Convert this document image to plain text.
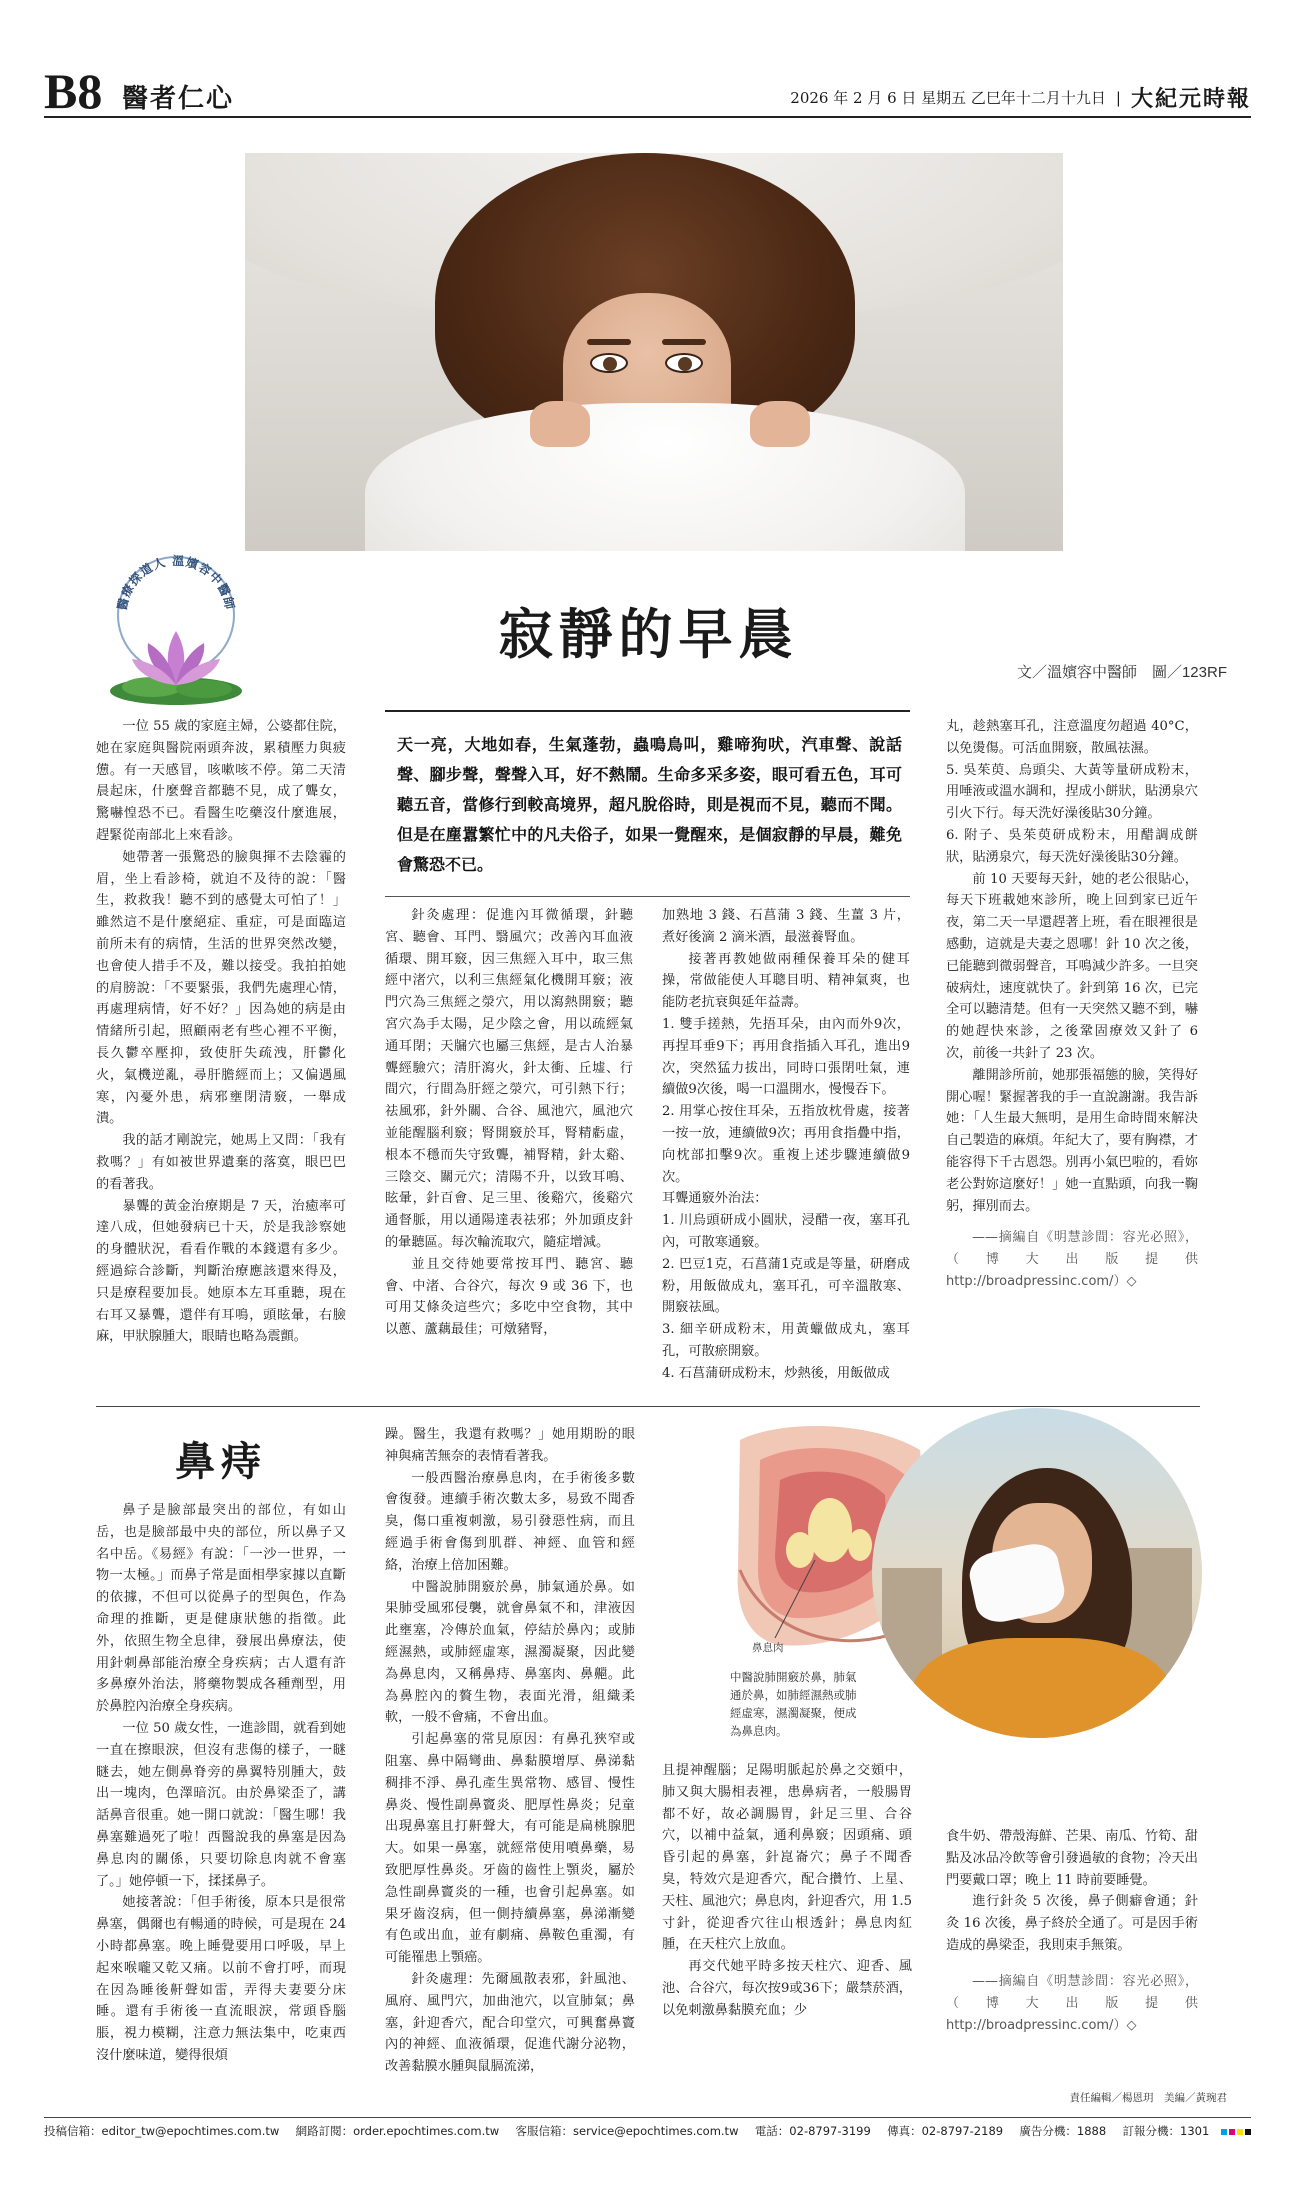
B8 醫者仁心	2026 年 2 月 6 日 星期五 乙巳年十二月十九日 | 大紀元時報
醫療探道人 溫嬪容中醫師	寂靜的早晨
文／溫嬪容中醫師　圖／123RF

一位 55 歲的家庭主婦，公婆都住院，她在家庭與醫院兩頭奔波，累積壓力與疲憊。有一天感冒，咳嗽咳不停。第二天清晨起床，什麼聲音都聽不見，成了聾女，驚嚇惶恐不已。看醫生吃藥沒什麼進展，趕緊從南部北上來看診。

她帶著一張驚恐的臉與揮不去陰霾的眉，坐上看診椅，就迫不及待的說：「醫生，救救我！聽不到的感覺太可怕了！」雖然這不是什麼絕症、重症，可是面臨這前所未有的病情，生活的世界突然改變，也會使人措手不及，難以接受。我拍拍她的肩膀說：「不要緊張，我們先處理心情，再處理病情，好不好？」因為她的病是由情緒所引起，照顧兩老有些心裡不平衡，長久鬱卒壓抑，致使肝失疏洩，肝鬱化火，氣機逆亂，尋肝膽經而上；又偏遇風寒，內憂外患，病邪壅閉清竅，一舉成潰。

我的話才剛說完，她馬上又問：「我有救嗎？」有如被世界遺棄的落寞，眼巴巴的看著我。

暴聾的黃金治療期是 7 天，治癒率可達八成，但她發病已十天，於是我診察她的身體狀況，看看作戰的本錢還有多少。經過綜合診斷，判斷治療應該還來得及，只是療程要加長。她原本左耳重聽，現在右耳又暴聾，還伴有耳鳴，頭眩暈，右臉麻，甲狀腺腫大，眼睛也略為震顫。

天一亮，大地如春，生氣蓬勃，蟲鳴鳥叫，雞啼狗吠，汽車聲、說話聲、腳步聲，聲聲入耳，好不熱鬧。生命多采多姿，眼可看五色，耳可聽五音，當修行到較高境界，超凡脫俗時，則是視而不見，聽而不聞。但是在塵囂繁忙中的凡夫俗子，如果一覺醒來，是個寂靜的早晨，難免會驚恐不已。

針灸處理：促進內耳微循環，針聽宮、聽會、耳門、翳風穴；改善內耳血液循環、開耳竅，因三焦經入耳中，取三焦經中渚穴，以利三焦經氣化機開耳竅；液門穴為三焦經之滎穴，用以瀉熱開竅；聽宮穴為手太陽，足少陰之會，用以疏經氣通耳閉；天牖穴也屬三焦經，是古人治暴聾經驗穴；清肝瀉火，針太衝、丘墟、行間穴，行間為肝經之滎穴，可引熱下行；祛風邪，針外關、合谷、風池穴，風池穴並能醒腦利竅；腎開竅於耳，腎精虧虛，根本不穩而失守致聾，補腎精，針太谿、三陰交、關元穴；清陽不升，以致耳鳴、眩暈，針百會、足三里、後谿穴，後谿穴通督脈，用以通陽達表祛邪；外加頭皮針的暈聽區。每次輪流取穴，隨症增減。

並且交待她要常按耳門、聽宮、聽會、中渚、合谷穴，每次 9 或 36 下，也可用艾條灸這些穴；多吃中空食物，其中以蔥、蘆藕最佳；可燉豬腎，

加熟地 3 錢、石菖蒲 3 錢、生薑 3 片，煮好後滴 2 滴米酒，最滋養腎血。

接著再教她做兩種保養耳朵的健耳操，常做能使人耳聰目明、精神氣爽，也能防老抗衰與延年益壽。

1. 雙手搓熱，先捂耳朵，由內而外9次，再捏耳垂9下；再用食指插入耳孔，進出9次，突然猛力拔出，同時口張閉吐氣，連續做9次後，喝一口溫開水，慢慢吞下。

2. 用掌心按住耳朵，五指放枕骨處，接著一按一放，連續做9次；再用食指疊中指，向枕部扣擊9次。重複上述步驟連續做9次。

耳聾通竅外治法：

1. 川烏頭研成小圓狀，浸醋一夜，塞耳孔內，可散寒通竅。

2. 巴豆1克，石菖蒲1克或是等量，研磨成粉，用飯做成丸，塞耳孔，可辛溫散寒、開竅祛風。

3. 細辛研成粉末，用黃蠟做成丸，塞耳孔，可散瘀開竅。

4. 石菖蒲研成粉末，炒熱後，用飯做成

丸，趁熱塞耳孔，注意溫度勿超過 40°C，以免燙傷。可活血開竅，散風祛濕。

5. 吳茱萸、烏頭尖、大黃等量研成粉末，用唾液或溫水調和，捏成小餅狀，貼湧泉穴引火下行。每天洗好澡後貼30分鐘。

6. 附子、吳茱萸研成粉末，用醋調成餅狀，貼湧泉穴，每天洗好澡後貼30分鐘。

前 10 天要每天針，她的老公很貼心，每天下班載她來診所，晚上回到家已近午夜，第二天一早還趕著上班，看在眼裡很是感動，這就是夫妻之恩哪！針 10 次之後，已能聽到微弱聲音，耳鳴減少許多。一旦突破病灶，速度就快了。針到第 16 次，已完全可以聽清楚。但有一天突然又聽不到，嚇的她趕快來診，之後鞏固療效又針了 6 次，前後一共針了 23 次。

離開診所前，她那張福態的臉，笑得好開心喔！緊握著我的手一直說謝謝。我告訴她：「人生最大無明，是用生命時間來解決自己製造的麻煩。年紀大了，要有胸襟，才能容得下千古恩怨。別再小氣巴啦的，看妳老公對妳這麼好！」她一直點頭，向我一鞠躬，揮別而去。

——摘編自《明慧診間：容光必照》，（博大出版提供http://broadpressinc.com/）◇

鼻痔

鼻子是臉部最突出的部位，有如山岳，也是臉部最中央的部位，所以鼻子又名中岳。《易經》有說：「一沙一世界，一物一太極。」而鼻子常是面相學家據以直斷的依據，不但可以從鼻子的型與色，作為命理的推斷，更是健康狀態的指徵。此外，依照生物全息律，發展出鼻療法，使用針刺鼻部能治療全身疾病；古人還有許多鼻療外治法，將藥物製成各種劑型，用於鼻腔內治療全身疾病。

一位 50 歲女性，一進診間，就看到她一直在擦眼淚，但沒有悲傷的樣子，一瞇瞇去，她左側鼻脊旁的鼻翼特別腫大，鼓出一塊肉，色澤暗沉。由於鼻梁歪了，講話鼻音很重。她一開口就說：「醫生哪！我鼻塞難過死了啦！西醫說我的鼻塞是因為鼻息肉的關係，只要切除息肉就不會塞了。」她停頓一下，揉揉鼻子。

她接著說：「但手術後，原本只是很常鼻塞，偶爾也有暢通的時候，可是現在 24 小時都鼻塞。晚上睡覺要用口呼吸，早上起來喉嚨又乾又痛。以前不會打呼，而現在因為睡後鼾聲如雷，弄得夫妻要分床睡。還有手術後一直流眼淚，常頭昏腦脹，視力模糊，注意力無法集中，吃東西沒什麼味道，變得很煩

躁。醫生，我還有救嗎？」她用期盼的眼神與痛苦無奈的表情看著我。

一般西醫治療鼻息肉，在手術後多數會復發。連續手術次數太多，易致不聞香臭，傷口重複刺激，易引發惡性病，而且經過手術會傷到肌群、神經、血管和經絡，治療上倍加困難。

中醫說肺開竅於鼻，肺氣通於鼻。如果肺受風邪侵襲，就會鼻氣不和，津液因此壅塞，冷傳於血氣，停結於鼻內；或肺經濕熱，或肺經虛寒，濕濁凝聚，因此變為鼻息肉，又稱鼻痔、鼻塞肉、鼻齆。此為鼻腔內的贅生物，表面光滑，組織柔軟，一般不會痛，不會出血。

引起鼻塞的常見原因：有鼻孔狹窄或阻塞、鼻中隔彎曲、鼻黏膜增厚、鼻涕黏稠排不淨、鼻孔產生異常物、感冒、慢性鼻炎、慢性副鼻竇炎、肥厚性鼻炎；兒童出現鼻塞且打鼾聲大，有可能是扁桃腺肥大。如果一鼻塞，就經常使用噴鼻藥，易致肥厚性鼻炎。牙齒的齒性上顎炎，屬於急性副鼻竇炎的一種，也會引起鼻塞。如果牙齒沒病，但一側持續鼻塞，鼻涕漸變有色或出血，並有劇痛、鼻鞍色重濁，有可能罹患上顎癌。

針灸處理：先爾風散表邪，針風池、風府、風門穴，加曲池穴，以宣肺氣；鼻塞，針迎香穴，配合印堂穴，可興奮鼻竇內的神經、血液循環，促進代謝分泌物，改善黏膜水腫與鼠膈流涕，

鼻息肉
中醫說肺開竅於鼻，肺氣通於鼻，如肺經濕熱或肺經虛寒，濕濁凝聚，便成為鼻息肉。

且提神醒腦；足陽明脈起於鼻之交頞中，肺又與大腸相表裡，患鼻病者，一般腸胃都不好，故必調腸胃，針足三里、合谷穴，以補中益氣，通利鼻竅；因頭痛、頭昏引起的鼻塞，針崑崙穴；鼻子不聞香臭，特效穴是迎香穴，配合攢竹、上星、天柱、風池穴；鼻息肉，針迎香穴，用 1.5 寸針，從迎香穴往山根透針；鼻息肉紅腫，在天柱穴上放血。

再交代她平時多按天柱穴、迎香、風池、合谷穴，每次按9或36下；嚴禁菸酒，以免刺激鼻黏膜充血；少

食牛奶、帶殼海鮮、芒果、南瓜、竹筍、甜點及冰品冷飲等會引發過敏的食物；冷天出門要戴口罩；晚上 11 時前要睡覺。

進行針灸 5 次後，鼻子側癖會通；針灸 16 次後，鼻子終於全通了。可是因手術造成的鼻梁歪，我則束手無策。

——摘編自《明慧診間：容光必照》，（博大出版提供http://broadpressinc.com/）◇

責任編輯／楊恩玥　美編／黃琬君
投稿信箱：editor_tw@epochtimes.com.tw 網路訂閱：order.epochtimes.com.tw 客服信箱：service@epochtimes.com.tw 電話：02-8797-3199 傳真：02-8797-2189 廣告分機：1888 訂報分機：1301
